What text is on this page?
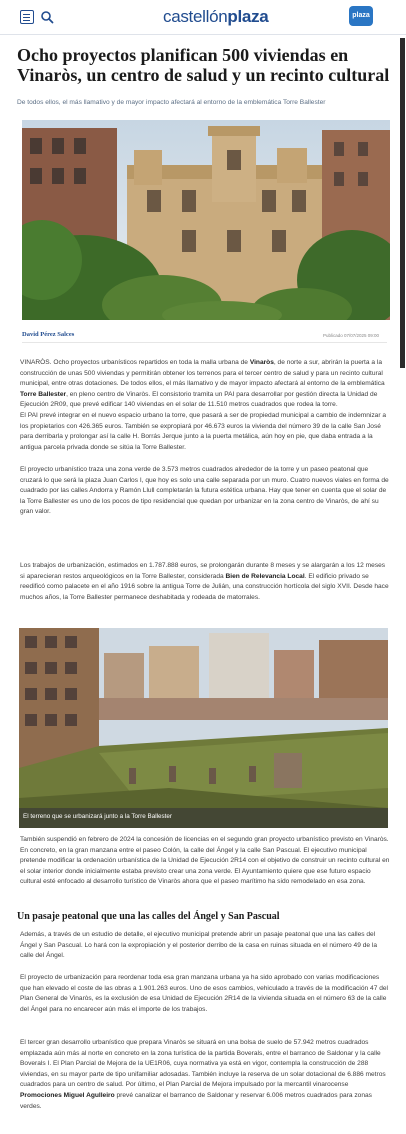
castellónplaza	plaza
Ocho proyectos planifican 500 viviendas en Vinaròs, un centro de salud y un recinto cultural

De todos ellos, el más llamativo y de mayor impacto afectará al entorno de la emblemática Torre Ballester

David Pérez Salces	Publicado 07/07/2025 09:00

VINARÒS. Ocho proyectos urbanísticos repartidos en toda la malla urbana de Vinaròs, de norte a sur, abrirán la puerta a la construcción de unas 500 viviendas y permitirán obtener los terrenos para el tercer centro de salud y para un recinto cultural municipal, entre otras dotaciones. De todos ellos, el más llamativo y de mayor impacto afectará al entorno de la emblemática Torre Ballester, en pleno centro de Vinaròs. El consistorio tramita un PAI para desarrollar por gestión directa la Unidad de Ejecución 2R09, que prevé edificar 140 viviendas en el solar de 11.510 metros cuadrados que rodea la torre.

El PAI prevé integrar en el nuevo espacio urbano la torre, que pasará a ser de propiedad municipal a cambio de indemnizar a los propietarios con 426.365 euros. También se expropiará por 46.673 euros la vivienda del número 39 de la calle San José para derribarla y prolongar así la calle H. Borrás Jerque junto a la puerta metálica, aún hoy en pie, que daba entrada a la antigua parcela privada donde se sitúa la Torre Ballester.

El proyecto urbanístico traza una zona verde de 3.573 metros cuadrados alrededor de la torre y un paseo peatonal que cruzará lo que será la plaza Juan Carlos I, que hoy es solo una calle separada por un muro. Cuatro nuevos viales en forma de cuadrado por las calles Andorra y Ramón Llull completarán la futura estética urbana. Hay que tener en cuenta que el solar de la Torre Ballester es uno de los pocos de tipo residencial que quedan por urbanizar en la zona centro de Vinaròs, de ahí su gran valor.

Los trabajos de urbanización, estimados en 1.787.888 euros, se prolongarán durante 8 meses y se alargarán a los 12 meses si aparecieran restos arqueológicos en la Torre Ballester, considerada Bien de Relevancia Local. El edificio privado se reedificó como palacete en el año 1916 sobre la antigua Torre de Julián, una construcción hortícola del siglo XVII. Desde hace muchos años, la Torre Ballester permanece deshabitada y rodeada de matorrales.

El terreno que se urbanizará junto a la Torre Ballester

También suspendió en febrero de 2024 la concesión de licencias en el segundo gran proyecto urbanístico previsto en Vinaròs. En concreto, en la gran manzana entre el paseo Colón, la calle del Ángel y la calle San Pascual. El ejecutivo municipal pretende modificar la ordenación urbanística de la Unidad de Ejecución 2R14 con el objetivo de construir un recinto cultural en el solar interior donde inicialmente estaba previsto crear una zona verde. El Ayuntamiento quiere que ese futuro espacio cultural esté enfocado al desarrollo turístico de Vinaròs ahora que el paseo marítimo ha sido remodelado en esa zona.

Un pasaje peatonal que una las calles del Ángel y San Pascual

Además, a través de un estudio de detalle, el ejecutivo municipal pretende abrir un pasaje peatonal que una las calles del Ángel y San Pascual. Lo hará con la expropiación y el posterior derribo de la casa en ruinas situada en el número 49 de la calle del Ángel.

El proyecto de urbanización para reordenar toda esa gran manzana urbana ya ha sido aprobado con varias modificaciones que han elevado el coste de las obras a 1.901.263 euros. Uno de esos cambios, vehiculado a través de la modificación 47 del Plan General de Vinaròs, es la exclusión de esa Unidad de Ejecución 2R14 de la vivienda situada en el número 63 de la calle del Ángel para no encarecer aún más el importe de los trabajos.

El tercer gran desarrollo urbanístico que prepara Vinaròs se situará en una bolsa de suelo de 57.942 metros cuadrados emplazada aún más al norte en concreto en la zona turística de la partida Boverals, entre el barranco de Saldonar y la calle Boverals I. El Plan Parcial de Mejora de la UE1R06, cuya normativa ya está en vigor, contempla la construcción de 288 viviendas, en su mayor parte de tipo unifamiliar adosadas. También incluye la reserva de un solar dotacional de 6.886 metros cuadrados para un centro de salud. Por último, el Plan Parcial de Mejora impulsado por la mercantil vinarocense Promociones Miguel Agulleiro prevé canalizar el barranco de Saldonar y reservar 6.006 metros cuadrados para zonas verdes.
